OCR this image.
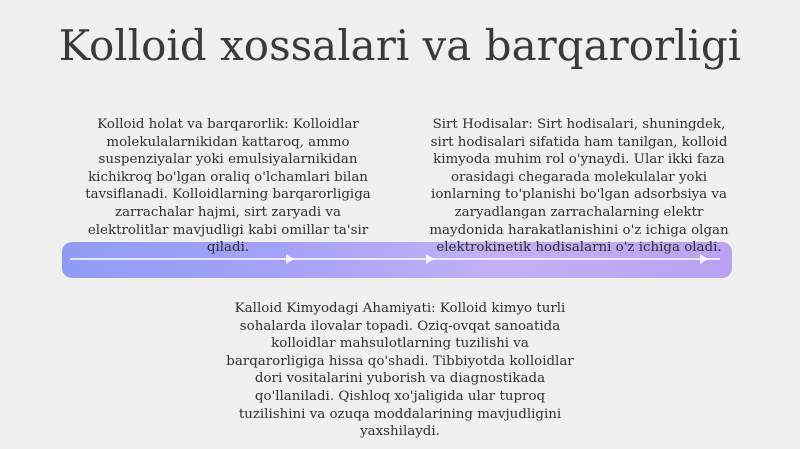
Kolloid xossalari va barqarorligi
Kolloid holat va barqarorlik: Kolloidlar molekulalarnikidan kattaroq, ammo suspenziyalar yoki emulsiyalarnikidan kichikroq bo'lgan oraliq o'lchamlari bilan tavsiflanadi. Kolloidlarning barqarorligiga zarrachalar hajmi, sirt zaryadi va elektrolitlar mavjudligi kabi omillar ta'sir qiladi.
Sirt Hodisalar: Sirt hodisalari, shuningdek, sirt hodisalari sifatida ham tanilgan, kolloid kimyoda muhim rol o'ynaydi. Ular ikki faza orasidagi chegarada molekulalar yoki ionlarning to'planishi bo'lgan adsorbsiya va zaryadlangan zarrachalarning elektr maydonida harakatlanishini o'z ichiga olgan elektrokinetik hodisalarni o'z ichiga oladi.
Kalloid Kimyodagi Ahamiyati: Kolloid kimyo turli sohalarda ilovalar topadi. Oziq-ovqat sanoatida kolloidlar mahsulotlarning tuzilishi va barqarorligiga hissa qo'shadi. Tibbiyotda kolloidlar dori vositalarini yuborish va diagnostikada qo'llaniladi. Qishloq xo'jaligida ular tuproq tuzilishini va ozuqa moddalarining mavjudligini yaxshilaydi.
